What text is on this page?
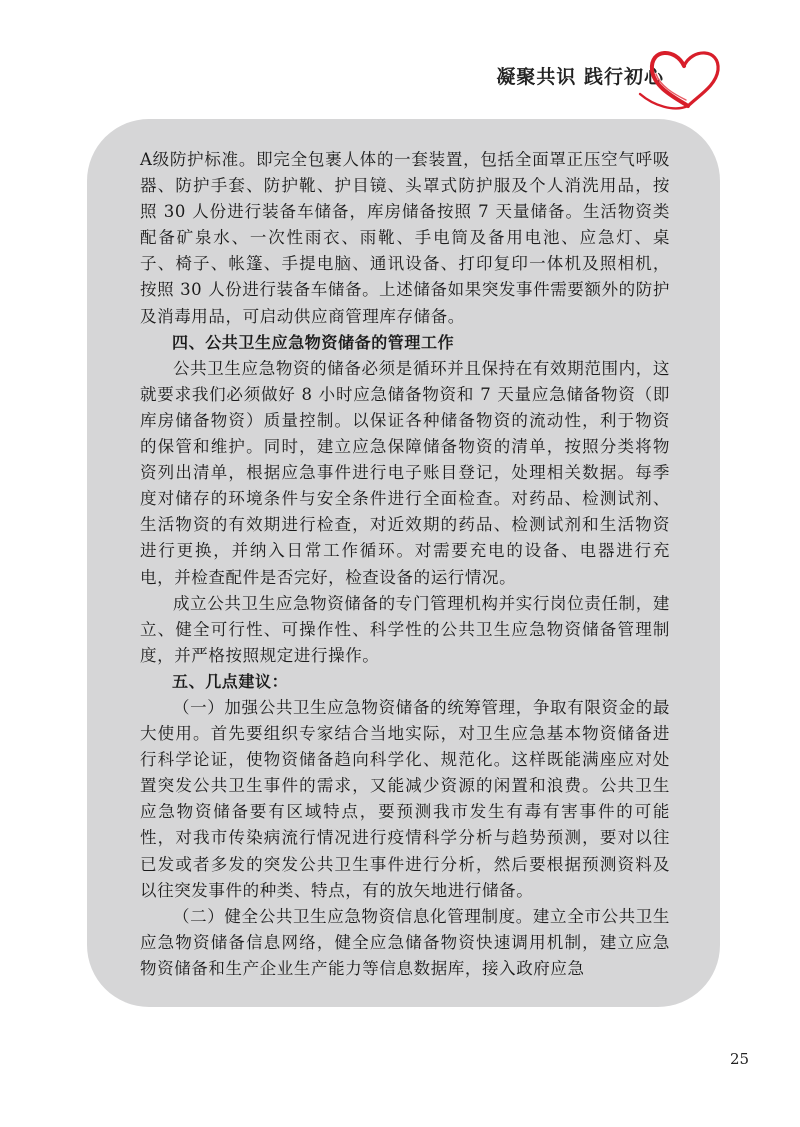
凝聚共识 践行初心

A级防护标准。即完全包裹人体的一套装置，包括全面罩正压空气呼吸器、防护手套、防护靴、护目镜、头罩式防护服及个人消洗用品，按照 30 人份进行装备车储备，库房储备按照 7 天量储备。生活物资类配备矿泉水、一次性雨衣、雨靴、手电筒及备用电池、应急灯、桌子、椅子、帐篷、手提电脑、通讯设备、打印复印一体机及照相机，按照 30 人份进行装备车储备。上述储备如果突发事件需要额外的防护及消毒用品，可启动供应商管理库存储备。

四、公共卫生应急物资储备的管理工作

公共卫生应急物资的储备必须是循环并且保持在有效期范围内，这就要求我们必须做好 8 小时应急储备物资和 7 天量应急储备物资（即库房储备物资）质量控制。以保证各种储备物资的流动性，利于物资的保管和维护。同时，建立应急保障储备物资的清单，按照分类将物资列出清单，根据应急事件进行电子账目登记，处理相关数据。每季度对储存的环境条件与安全条件进行全面检查。对药品、检测试剂、生活物资的有效期进行检查，对近效期的药品、检测试剂和生活物资进行更换，并纳入日常工作循环。对需要充电的设备、电器进行充电，并检查配件是否完好，检查设备的运行情况。

成立公共卫生应急物资储备的专门管理机构并实行岗位责任制，建立、健全可行性、可操作性、科学性的公共卫生应急物资储备管理制度，并严格按照规定进行操作。

五、几点建议：

（一）加强公共卫生应急物资储备的统筹管理，争取有限资金的最大使用。首先要组织专家结合当地实际，对卫生应急基本物资储备进行科学论证，使物资储备趋向科学化、规范化。这样既能满座应对处置突发公共卫生事件的需求，又能减少资源的闲置和浪费。公共卫生应急物资储备要有区域特点，要预测我市发生有毒有害事件的可能性，对我市传染病流行情况进行疫情科学分析与趋势预测，要对以往已发或者多发的突发公共卫生事件进行分析，然后要根据预测资料及以往突发事件的种类、特点，有的放矢地进行储备。

（二）健全公共卫生应急物资信息化管理制度。建立全市公共卫生应急物资储备信息网络，健全应急储备物资快速调用机制，建立应急物资储备和生产企业生产能力等信息数据库，接入政府应急

25
